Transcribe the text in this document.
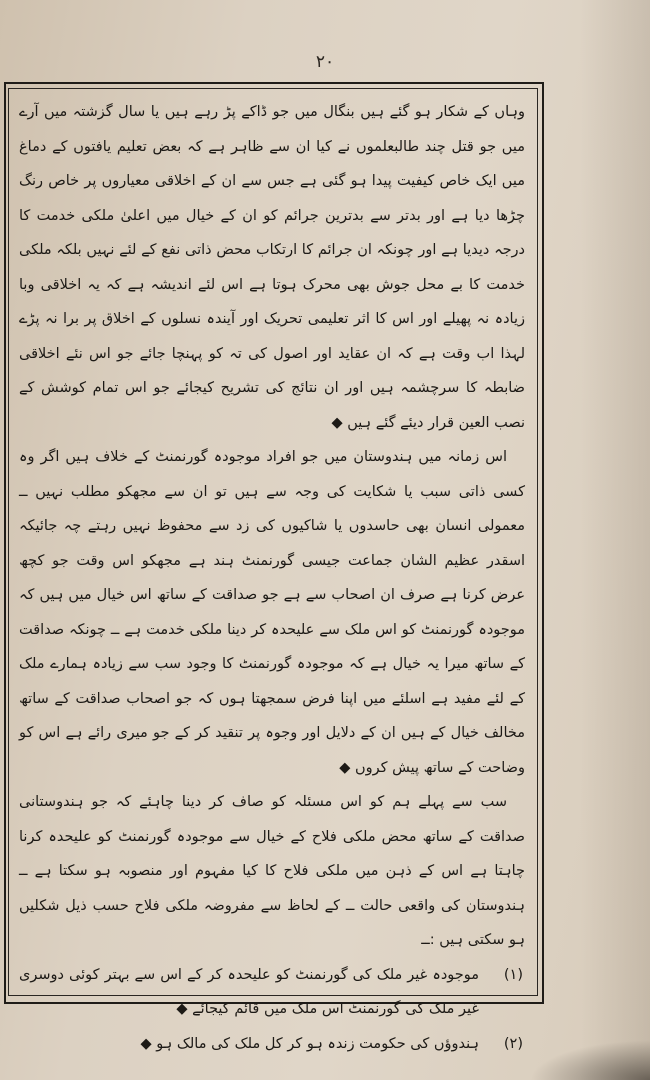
۲۰

وہاں کے شکار ہو گئے ہیں بنگال میں جو ڈاکے پڑ رہے ہیں یا سال گزشتہ میں آرے میں جو قتل چند طالبعلموں نے کیا ان سے ظاہر ہے کہ بعض تعلیم یافتوں کے دماغ میں ایک خاص کیفیت پیدا ہو گئی ہے جس سے ان کے اخلاقی معیاروں پر خاص رنگ چڑھا دیا ہے اور بدتر سے بدترین جرائم کو ان کے خیال میں اعلیٰ ملکی خدمت کا درجہ دیدیا ہے اور چونکہ ان جرائم کا ارتکاب محض ذاتی نفع کے لئے نہیں بلکہ ملکی خدمت کا بے محل جوش بھی محرک ہوتا ہے اس لئے اندیشہ ہے کہ یہ اخلاقی وبا زیادہ نہ پھیلے اور اس کا اثر تعلیمی تحریک اور آیندہ نسلوں کے اخلاق پر برا نہ پڑے لہذا اب وقت ہے کہ ان عقاید اور اصول کی تہ کو پہنچا جائے جو اس نئے اخلاقی ضابطہ کا سرچشمہ ہیں اور ان نتائج کی تشریح کیجائے جو اس تمام کوشش کے نصب العین قرار دیئے گئے ہیں ◆

اس زمانہ میں ہندوستان میں جو افراد موجودہ گورنمنٹ کے خلاف ہیں اگر وہ کسی ذاتی سبب یا شکایت کی وجہ سے ہیں تو ان سے مجھکو مطلب نہیں ــ معمولی انسان بھی حاسدوں یا شاکیوں کی زد سے محفوظ نہیں رہتے چہ جائیکہ اسقدر عظیم الشان جماعت جیسی گورنمنٹ ہند ہے مجھکو اس وقت جو کچھ عرض کرنا ہے صرف ان اصحاب سے ہے جو صداقت کے ساتھ اس خیال میں ہیں کہ موجودہ گورنمنٹ کو اس ملک سے علیحدہ کر دینا ملکی خدمت ہے ــ چونکہ صداقت کے ساتھ میرا یہ خیال ہے کہ موجودہ گورنمنٹ کا وجود سب سے زیادہ ہمارے ملک کے لئے مفید ہے اسلئے میں اپنا فرض سمجھتا ہوں کہ جو اصحاب صداقت کے ساتھ مخالف خیال کے ہیں ان کے دلایل اور وجوہ پر تنقید کر کے جو میری رائے ہے اس کو وضاحت کے ساتھ پیش کروں ◆

سب سے پہلے ہم کو اس مسئلہ کو صاف کر دینا چاہئے کہ جو ہندوستانی صداقت کے ساتھ محض ملکی فلاح کے خیال سے موجودہ گورنمنٹ کو علیحدہ کرنا چاہتا ہے اس کے ذہن میں ملکی فلاح کا کیا مفہوم اور منصوبہ ہو سکتا ہے ــ ہندوستان کی واقعی حالت ــ کے لحاظ سے مفروضہ ملکی فلاح حسب ذیل شکلیں ہو سکتی ہیں :ــ

(۱)
موجودہ غیر ملک کی گورنمنٹ کو علیحدہ کر کے اس سے بہتر کوئی دوسری غیر ملک کی گورنمنٹ اس ملک میں قائم کیجائے ◆
(۲)
ہندوؤں کی حکومت زندہ ہو کر کل ملک کی مالک ہو ◆
